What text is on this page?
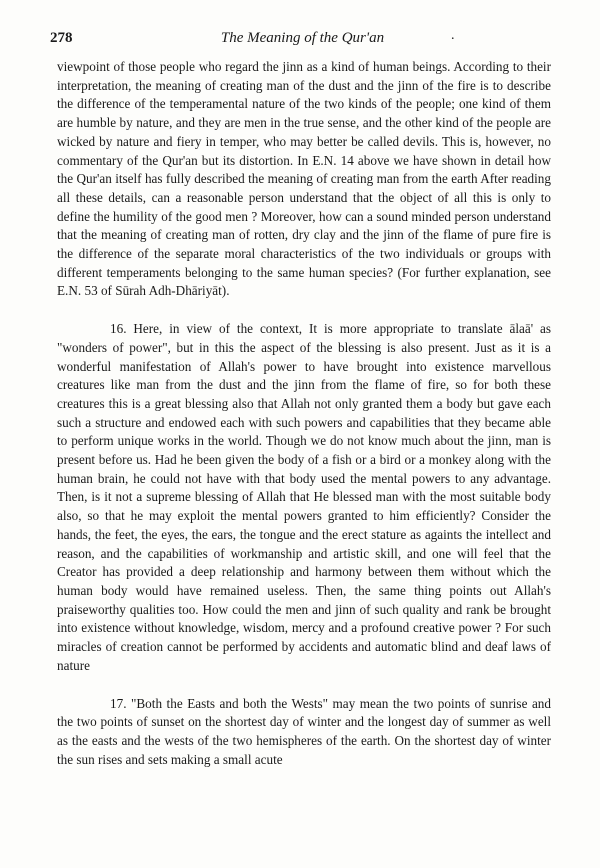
278	The Meaning of the Qur'an	.

viewpoint of those people who regard the jinn as a kind of human beings. According to their interpretation, the meaning of creating man of the dust and the jinn of the fire is to describe the difference of the temperamental nature of the two kinds of the people; one kind of them are humble by nature, and they are men in the true sense, and the other kind of the people are wicked by nature and fiery in temper, who may better be called devils. This is, however, no commentary of the Qur'an but its distortion. In E.N. 14 above we have shown in detail how the Qur'an itself has fully described the meaning of creating man from the earth After reading all these details, can a reasonable person understand that the object of all this is only to define the humility of the good men ? Moreover, how can a sound minded person understand that the meaning of creating man of rotten, dry clay and the jinn of the flame of pure fire is the difference of the separate moral characteristics of the two individuals or groups with different temperaments belonging to the same human species? (For further explanation, see E.N. 53 of Sūrah Adh-Dhāriyāt).

16. Here, in view of the context, It is more appropriate to translate ālaā' as "wonders of power", but in this the aspect of the blessing is also present. Just as it is a wonderful manifestation of Allah's power to have brought into existence marvellous creatures like man from the dust and the jinn from the flame of fire, so for both these creatures this is a great blessing also that Allah not only granted them a body but gave each such a structure and endowed each with such powers and capabilities that they became able to perform unique works in the world. Though we do not know much about the jinn, man is present before us. Had he been given the body of a fish or a bird or a monkey along with the human brain, he could not have with that body used the mental powers to any advantage. Then, is it not a supreme blessing of Allah that He blessed man with the most suitable body also, so that he may exploit the mental powers granted to him efficiently? Consider the hands, the feet, the eyes, the ears, the tongue and the erect stature as againts the intellect and reason, and the capabilities of workmanship and artistic skill, and one will feel that the Creator has provided a deep relationship and harmony between them without which the human body would have remained useless. Then, the same thing points out Allah's praiseworthy qualities too. How could the men and jinn of such quality and rank be brought into existence without knowledge, wisdom, mercy and a profound creative power ? For such miracles of creation cannot be performed by accidents and automatic blind and deaf laws of nature

17. "Both the Easts and both the Wests" may mean the two points of sunrise and the two points of sunset on the shortest day of winter and the longest day of summer as well as the easts and the wests of the two hemispheres of the earth. On the shortest day of winter the sun rises and sets making a small acute
